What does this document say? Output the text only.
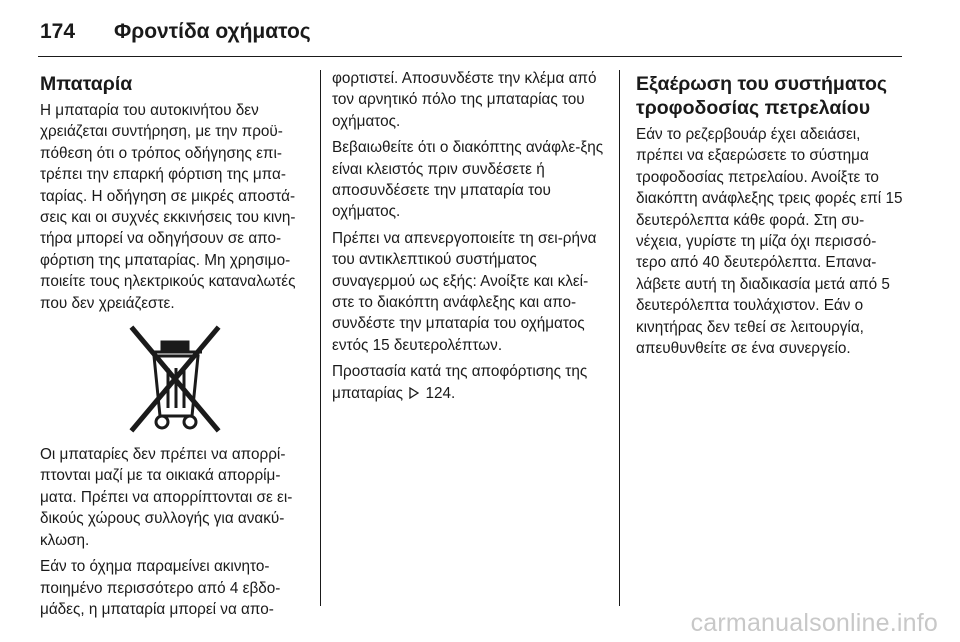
174	Φροντίδα οχήματος
Μπαταρία

Η μπαταρία του αυτοκινήτου δεν χρειάζεται συντήρηση, με την προϋ-πόθεση ότι ο τρόπος οδήγησης επι-τρέπει την επαρκή φόρτιση της μπα-ταρίας. Η οδήγηση σε μικρές αποστά-σεις και οι συχνές εκκινήσεις του κινη-τήρα μπορεί να οδηγήσουν σε απο-φόρτιση της μπαταρίας. Μη χρησιμο-ποιείτε τους ηλεκτρικούς καταναλωτές που δεν χρειάζεστε.

Οι μπαταρίες δεν πρέπει να απορρί-πτονται μαζί με τα οικιακά απορρίμ-ματα. Πρέπει να απορρίπτονται σε ει-δικούς χώρους συλλογής για ανακύ-κλωση.

Εάν το όχημα παραμείνει ακινητο-ποιημένο περισσότερο από 4 εβδο-μάδες, η μπαταρία μπορεί να απο-

φορτιστεί. Αποσυνδέστε την κλέμα από τον αρνητικό πόλο της μπαταρίας του οχήματος.

Βεβαιωθείτε ότι ο διακόπτης ανάφλε-ξης είναι κλειστός πριν συνδέσετε ή αποσυνδέσετε την μπαταρία του οχήματος.

Πρέπει να απενεργοποιείτε τη σει-ρήνα του αντικλεπτικού συστήματος συναγερμού ως εξής: Ανοίξτε και κλεί-στε το διακόπτη ανάφλεξης και απο-συνδέστε την μπαταρία του οχήματος εντός 15 δευτερολέπτων.

Προστασία κατά της αποφόρτισης της μπαταρίας 124.

Εξαέρωση του συστήματος τροφοδοσίας πετρελαίου

Εάν το ρεζερβουάρ έχει αδειάσει, πρέπει να εξαερώσετε το σύστημα τροφοδοσίας πετρελαίου. Ανοίξτε το διακόπτη ανάφλεξης τρεις φορές επί 15 δευτερόλεπτα κάθε φορά. Στη συ-νέχεια, γυρίστε τη μίζα όχι περισσό-τερο από 40 δευτερόλεπτα. Επανα-λάβετε αυτή τη διαδικασία μετά από 5 δευτερόλεπτα τουλάχιστον. Εάν ο κινητήρας δεν τεθεί σε λειτουργία, απευθυνθείτε σε ένα συνεργείο.

carmanualsonline.info
